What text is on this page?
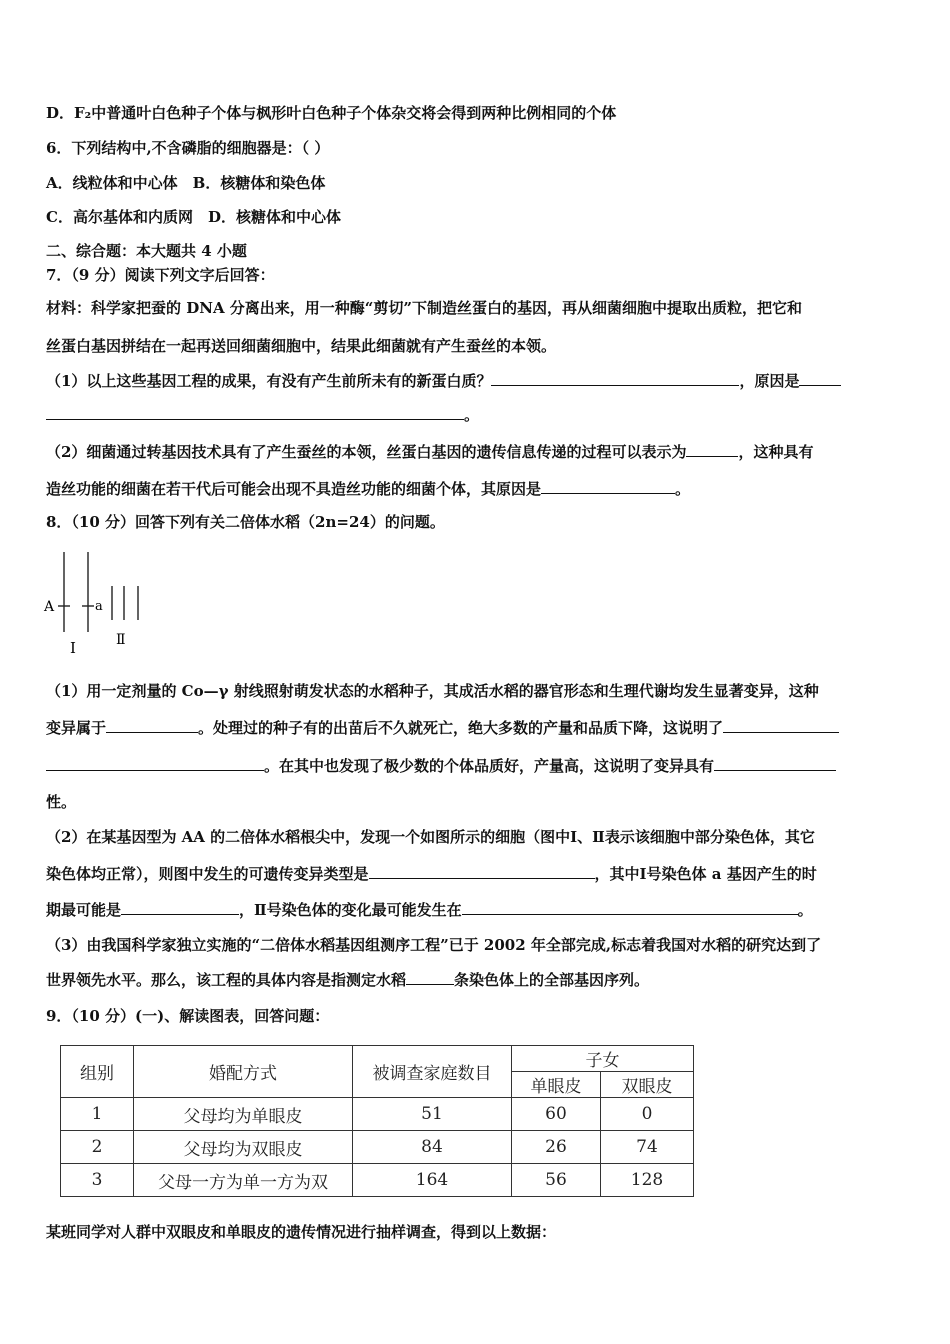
D．F₂中普通叶白色种子个体与枫形叶白色种子个体杂交将会得到两种比例相同的个体
6．下列结构中,不含磷脂的细胞器是：（ ）
A．线粒体和中心体　B．核糖体和染色体
C．高尔基体和内质网　D．核糖体和中心体
二、综合题：本大题共 4 小题
7．（9 分）阅读下列文字后回答：
材料：科学家把蚕的 DNA 分离出来，用一种酶“剪切”下制造丝蛋白的基因，再从细菌细胞中提取出质粒，把它和
丝蛋白基因拼结在一起再送回细菌细胞中，结果此细菌就有产生蚕丝的本领。
（1）以上这些基因工程的成果，有没有产生前所未有的新蛋白质？	，原因是
。
（2）细菌通过转基因技术具有了产生蚕丝的本领，丝蛋白基因的遗传信息传递的过程可以表示为	，这种具有
造丝功能的细菌在若干代后可能会出现不具造丝功能的细菌个体，其原因是	。
8．（10 分）回答下列有关二倍体水稻（2n=24）的问题。
A	a
Ⅰ	Ⅱ
（1）用一定剂量的 Co—γ 射线照射萌发状态的水稻种子，其成活水稻的器官形态和生理代谢均发生显著变异，这种
变异属于	。处理过的种子有的出苗后不久就死亡，绝大多数的产量和品质下降，这说明了
。在其中也发现了极少数的个体品质好，产量高，这说明了变异具有
性。
（2）在某基因型为 AA 的二倍体水稻根尖中，发现一个如图所示的细胞（图中Ⅰ、Ⅱ表示该细胞中部分染色体，其它
染色体均正常），则图中发生的可遗传变异类型是	，其中Ⅰ号染色体 a 基因产生的时
期最可能是	，Ⅱ号染色体的变化最可能发生在	。
（3）由我国科学家独立实施的“二倍体水稻基因组测序工程”已于 2002 年全部完成,标志着我国对水稻的研究达到了
世界领先水平。那么，该工程的具体内容是指测定水稻	条染色体上的全部基因序列。
9．（10 分）(一)、解读图表，回答问题：
组别	婚配方式	被调查家庭数目	子女	
			单眼皮	双眼皮
1	父母均为单眼皮	51	60	0
2	父母均为双眼皮	84	26	74
3	父母一方为单一方为双	164	56	128
某班同学对人群中双眼皮和单眼皮的遗传情况进行抽样调查，得到以上数据：
